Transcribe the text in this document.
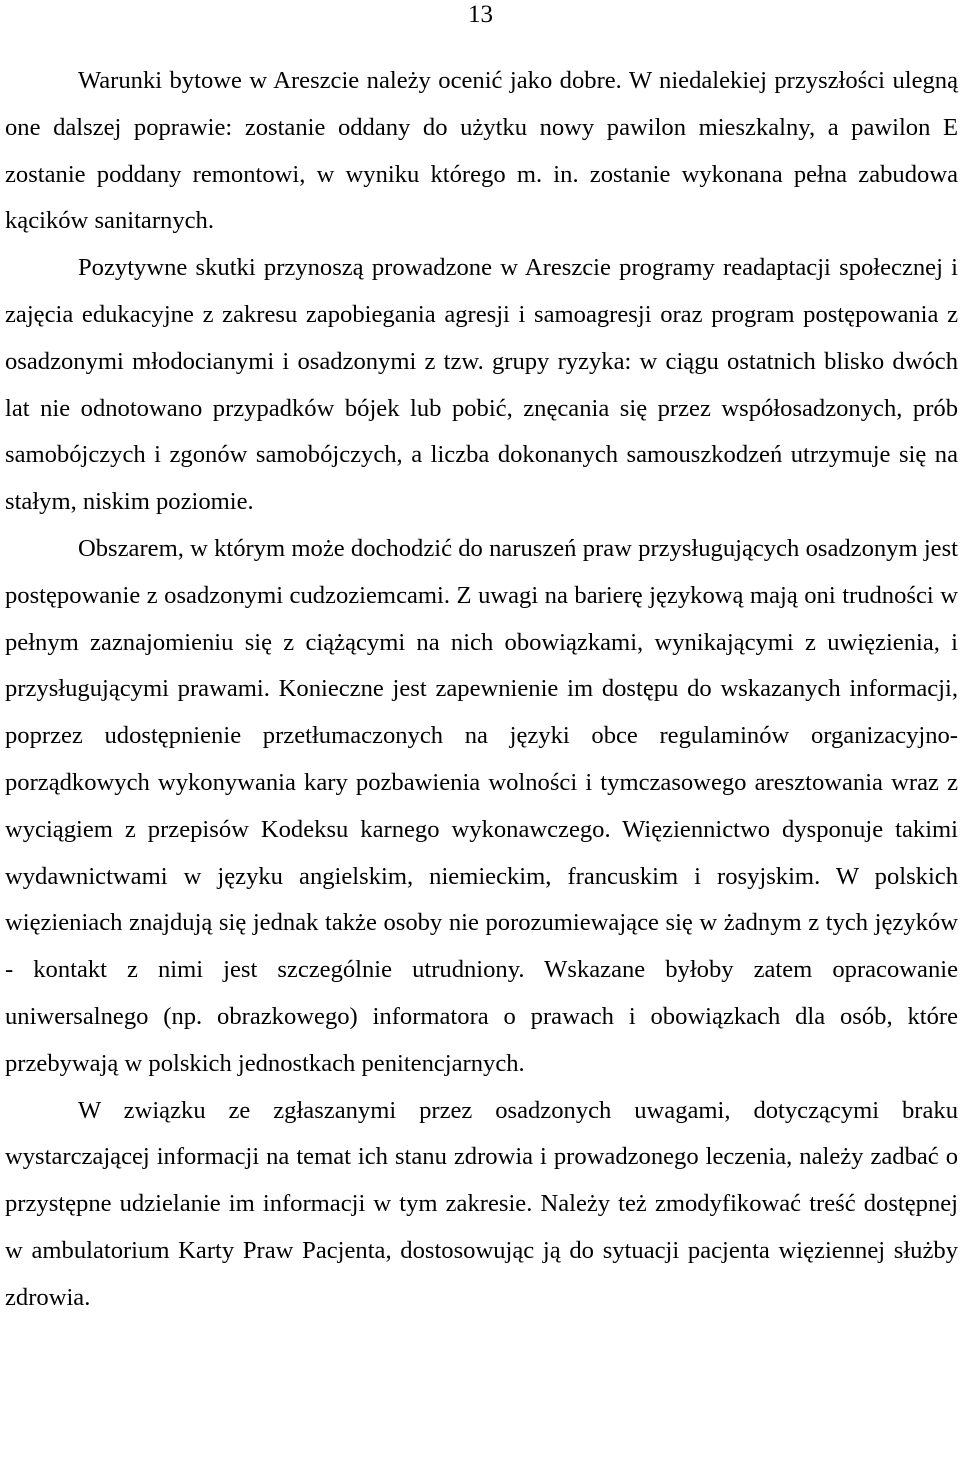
13

Warunki bytowe w Areszcie należy ocenić jako dobre. W niedalekiej przyszłości ulegną one dalszej poprawie: zostanie oddany do użytku nowy pawilon mieszkalny, a pawilon E zostanie poddany remontowi, w wyniku którego m. in. zostanie wykonana pełna zabudowa kącików sanitarnych.

Pozytywne skutki przynoszą prowadzone w Areszcie programy readaptacji społecznej i zajęcia edukacyjne z zakresu zapobiegania agresji i samoagresji oraz program postępowania z osadzonymi młodocianymi i osadzonymi z tzw. grupy ryzyka: w ciągu ostatnich blisko dwóch lat nie odnotowano przypadków bójek lub pobić, znęcania się przez współosadzonych, prób samobójczych i zgonów samobójczych, a liczba dokonanych samouszkodzeń utrzymuje się na stałym, niskim poziomie.

Obszarem, w którym może dochodzić do naruszeń praw przysługujących osadzonym jest postępowanie z osadzonymi cudzoziemcami. Z uwagi na barierę językową mają oni trudności w pełnym zaznajomieniu się z ciążącymi na nich obowiązkami, wynikającymi z uwięzienia, i przysługującymi prawami. Konieczne jest zapewnienie im dostępu do wskazanych informacji, poprzez udostępnienie przetłumaczonych na języki obce regulaminów organizacyjno-porządkowych wykonywania kary pozbawienia wolności i tymczasowego aresztowania wraz z wyciągiem z przepisów Kodeksu karnego wykonawczego. Więziennictwo dysponuje takimi wydawnictwami w języku angielskim, niemieckim, francuskim i rosyjskim. W polskich więzieniach znajdują się jednak także osoby nie porozumiewające się w żadnym z tych języków - kontakt z nimi jest szczególnie utrudniony. Wskazane byłoby zatem opracowanie uniwersalnego (np. obrazkowego) informatora o prawach i obowiązkach dla osób, które przebywają w polskich jednostkach penitencjarnych.

W związku ze zgłaszanymi przez osadzonych uwagami, dotyczącymi braku wystarczającej informacji na temat ich stanu zdrowia i prowadzonego leczenia, należy zadbać o przystępne udzielanie im informacji w tym zakresie. Należy też zmodyfikować treść dostępnej w ambulatorium Karty Praw Pacjenta, dostosowując ją do sytuacji pacjenta więziennej służby zdrowia.
